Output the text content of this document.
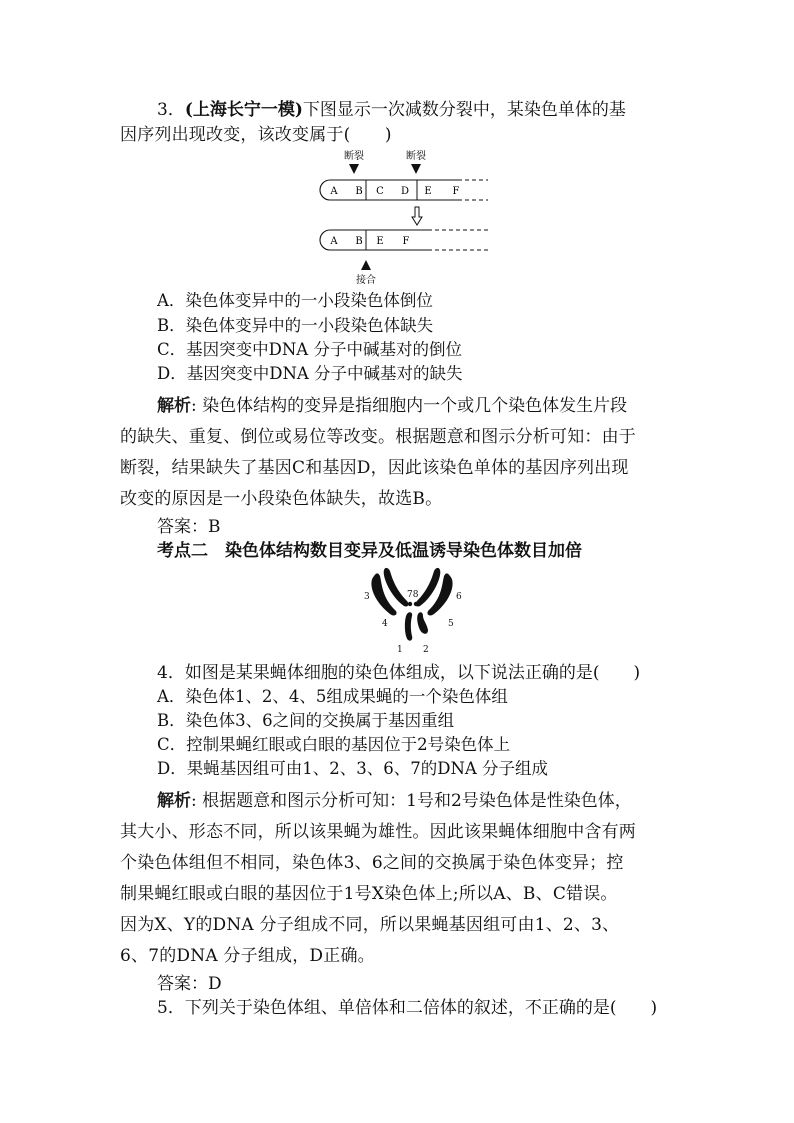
3．(上海长宁一模)下图显示一次减数分裂中，某染色单体的基
因序列出现改变，该改变属于(　　)
断裂	断裂
A B C D E F
A B E F
接合
A．染色体变异中的一小段染色体倒位
B．染色体变异中的一小段染色体缺失
C．基因突变中DNA 分子中碱基对的倒位
D．基因突变中DNA 分子中碱基对的缺失
解析: 染色体结构的变异是指细胞内一个或几个染色体发生片段
的缺失、重复、倒位或易位等改变。根据题意和图示分析可知：由于
断裂，结果缺失了基因C和基因D，因此该染色单体的基因序列出现
改变的原因是一小段染色体缺失，故选B。
答案：B
考点二　染色体结构数目变异及低温诱导染色体数目加倍
3	78	6
4	5
1 2
4．如图是某果蝇体细胞的染色体组成，以下说法正确的是(　　)
A．染色体1、2、4、5组成果蝇的一个染色体组
B．染色体3、6之间的交换属于基因重组
C．控制果蝇红眼或白眼的基因位于2号染色体上
D．果蝇基因组可由1、2、3、6、7的DNA 分子组成
解析: 根据题意和图示分析可知：1号和2号染色体是性染色体，
其大小、形态不同，所以该果蝇为雄性。因此该果蝇体细胞中含有两
个染色体组但不相同，染色体3、6之间的交换属于染色体变异；控
制果蝇红眼或白眼的基因位于1号X染色体上;所以A、B、C错误。
因为X、Y的DNA 分子组成不同，所以果蝇基因组可由1、2、3、
6、7的DNA 分子组成，D正确。
答案：D
5．下列关于染色体组、单倍体和二倍体的叙述，不正确的是(　　)
